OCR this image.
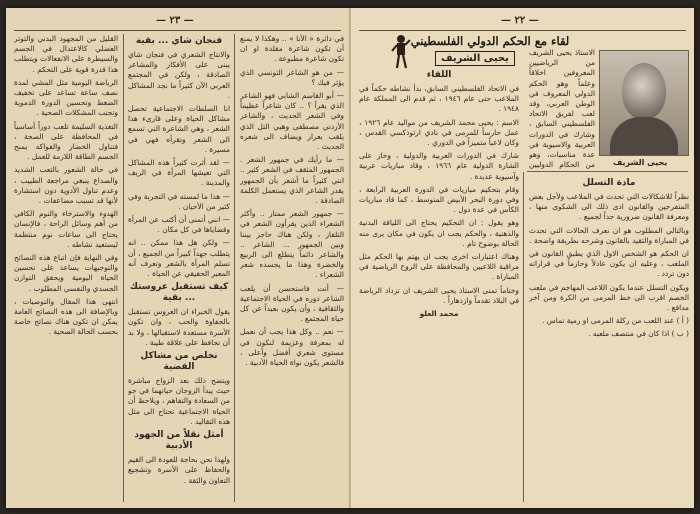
— ٢٣ —

في دائرة « الأنا » .. وهكذا لا يمنع أن تكون شاعرة مقلدة او ان تكون شاعرة مطبوعة .

— من هو الشاعر التونسي الذي يؤثر فيك ؟

— أبو القاسم الشابي فهو الشاعر الذي يقرأ ؟ .. كان شاعراً عظيماً وفي الشعر الحديث ، والشاعر الأردني مصطفى وهبي التل الذي يلقب بعرار ويضاف الى شعره الحديث .

— ما رأيك في جمهور الشعر . الجمهور المثقف في الشعر كثير .. انني كثيراً ما أشعر بأن الجمهور يقدر الشاعر الذي يستعمل الكلمة الصادقة .

— جمهور الشعر ممتاز .. وأكثر الشعراء الذين يقرأون الشعر في التلفاز ، ولكن هناك حاجز بيننا وبين الجمهور ... الشاعر .. والشاعر دائماً يتطلع الى الربيع والخضرة وهذا ما يجسده شعر الشعراء .

— أنت فاستحسن أن يلعب الشاعر دوره في الحياة الاجتماعية والثقافية ، وأن يكون بعيداً عن كل حياة المجتمع .

— نعم .. وكل هذا يجب أن نعمل له بمعرفة وعزيمة لنكون في مستوى شعري أفضل وأعلى ، فالشعر يكون نواة الحياة الأدبية .

فنجان شاي ... بقية

والانتاج الشعري في فنجان شاي يبنى على الأفكار والمشاعر الصادقة ، ولكن في المجتمع العربي الآن كثيراً ما نجد المشاكل .

انا السلطات الاجتماعية تحصل مشاكل الحياة وعلى قارىء هذا الشعر ، وهي الشاعرة التي تسمع الى الشعر وتقرأه فهي في مسيرة .

— لقد أثرت كثيراً هذه المشاكل التي تعيشها المرأة في الريف والمدينة .

— هذا ما لمسته في التجربة وفي كثير من الأحيان .

— انني أتمنى أن أكتب عن المرأة وقضاياها في كل مكان .

— ولكن هل هذا ممكن .. انه يتطلب جهداً كبيراً من الجميع ، أن تسلم المرأة بالشعر وتعرف أنه المعبر الحقيقي عن الحياة .

كيف تستقبل عروستك ... بقية

يقول الخبراء ان العروس تستقبل بالحفاوة والحب ، وان تكون الأسرة مستعدة لاستقبالها ، ولا بد أن نحافظ على علاقة طيبة .

نخلص من مشاكل القضية

ويتضح ذلك بعد الزواج مباشرة حيث يبدأ الزوجان حياتهما في جو من السعادة والتفاهم ، ويلاحظ أن الحياة الاجتماعية تحتاج الى مثل هذه التقاليد .

أمثل نقلاً من الجهود الأدبية

ولهذا نحن بحاجة للعودة الى القيم والحفاظ على الأسرة وتشجيع التعاون والثقة .

القليل من المجهود البدني والتوتر العضلي كالاعتدال في الجسم والسيطرة على الانفعالات ويتطلب هذا قدرة قوية على التحكم .

الرياضة اليومية مثل المشي لمدة نصف ساعة تساعد على تخفيف الضغط وتحسين الدورة الدموية وتجنب المشكلات الصحية .

التغذية السليمة تلعب دوراً أساسياً في المحافظة على الصحة ، فتناول الخضار والفواكه يمنح الجسم الطاقة اللازمة للعمل .

في حالة الشعور بالتعب الشديد والصداع ينبغي مراجعة الطبيب ، وعدم تناول الأدوية دون استشارة لأنها قد تسبب مضاعفات .

الهدوء والاسترخاء والنوم الكافي من أهم وسائل الراحة ، فالإنسان يحتاج الى ساعات نوم منتظمة ليستعيد نشاطه .

وفي النهاية فإن اتباع هذه النصائح والتوجيهات يساعد على تحسين الحياة اليومية ويحقق التوازن الجسدي والنفسي المطلوب .

انتهى هذا المقال والتوصيات ، وبالإضافة الى هذه النصائح العامة يمكن ان تكون هناك نصائح خاصة بحسب الحالة الصحية .

— ٢٢ —
لقاء مع الحكم الدولي الفلسطيني
يحيى الشريف
يحيى الشريف

الاستاذ يحيى الشريف من الرياضيين المعروفين اخلاقاً وعلماً وهو الحكم الدولي المعروف في الوطن العربي، وقد لعب لفريق الاتحاد الفلسطيني السابق ، وشارك في الدورات العربية والاسيوية في عدة مناسبات، وهو من الحكام الدوليين

مادة التسلل

نظراً للاشكالات التي تحدث في الملاعب ولأجل بعض المتفرجين والقانون ادى ذلك الى الشكوى منها ، ومعرفة القانون ضرورية جداً لجميع .

وبالتالي المطلوب هو ان نعرف الحالات التي تحدث في المباراة والتقيد بالقانون وشرحه بطريقة واضحة .

ان الحكم هو الشخص الاول الذي يطبق القانون في الملعب ، وعليه ان يكون عادلاً وحازماً في قراراته دون تردد .

ويكون التسلل عندما يكون اللاعب المهاجم في ملعب الخصم اقرب الى خط المرمى من الكرة ومن آخر مدافع .

( أ ) عند اللعب من ركلة المرمى او رمية تماس .

( ب ) اذا كان في منتصف ملعبه .

اللقاء

في الاتحاد الفلسطيني السابق، بدأ نشاطه حكماً في الملاعب حتى عام ١٩٤٦ ، ثم قدم الى المملكة عام ١٩٤٨ .

الاسم : يحيى محمد الشريف من مواليد عام ١٩٢٦ ، عمل حارساً للمرمى في نادي ارثوذكسي القدس ، وكان لاعباً متميزاً في الدوري .

شارك في الدورات العربية والدولية ، وحاز على الشارة الدولية عام ١٩٦٦ ، وقاد مباريات عربية وآسيوية عديدة .

وقام بتحكيم مباريات في الدورة العربية الرابعة ، وفي دورة البحر الأبيض المتوسط ، كما قاد مباريات الكأس في عدة دول .

وهو يقول : ان التحكيم يحتاج الى اللياقة البدنية والذهنية ، والحكم يجب ان يكون في مكان يرى منه الحالة بوضوح تام .

وهناك اعتبارات اخرى يجب ان يهتم بها الحكم مثل مراقبة اللاعبين والمحافظة على الروح الرياضية في المباراة .

وختاماً تمنى الاستاذ يحيى الشريف ان تزداد الرياضة في البلاد تقدماً وازدهاراً .

محمد العلو
